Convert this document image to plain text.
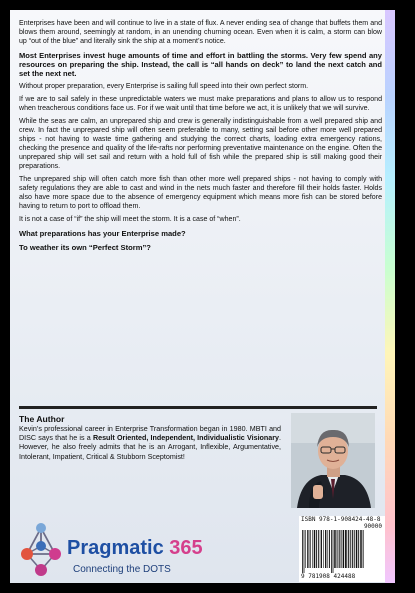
Enterprises have been and will continue to live in a state of flux. A never ending sea of change that buffets them and blows them around, seemingly at random, in an unending churning ocean. Even when it is calm, a storm can blow up “out of the blue” and literally sink the ship at a moment’s notice.

Most Enterprises invest huge amounts of time and effort in battling the storms. Very few spend any resources on preparing the ship. Instead, the call is “all hands on deck” to land the next catch and set the next net.

Without proper preparation, every Enterprise is sailing full speed into their own perfect storm.

If we are to sail safely in these unpredictable waters we must make preparations and plans to allow us to respond when treacherous conditions face us. For if we wait until that time before we act, it is unlikely that we will survive.

While the seas are calm, an unprepared ship and crew is generally indistinguishable from a well prepared ship and crew. In fact the unprepared ship will often seem preferable to many, setting sail before other more well prepared ships - not having to waste time gathering and studying the correct charts, loading extra emergency rations, checking the presence and quality of the life-rafts nor performing preventative maintenance on the engine. Often the unprepared ship will set sail and return with a hold full of fish while the prepared ship is still making good their preparations.

The unprepared ship will often catch more fish than other more well prepared ships - not having to comply with safety regulations they are able to cast and wind in the nets much faster and therefore fill their holds faster. Holds also have more space due to the absence of emergency equipment which means more fish can be stored before having to return to port to offload them.

It is not a case of “if” the ship will meet the storm. It is a case of “when”.

What preparations has your Enterprise made?

To weather its own “Perfect Storm”?

The Author
Kevin’s professional career in Enterprise Transformation began in 1980. MBTI and DISC says that he is a Result Oriented, Independent, Individualistic Visionary. However, he also freely admits that he is an Arrogant, Inflexible, Argumentative, Intolerant, Impatient, Critical & Stubborn Sceptomist!
Pragmatic 365
Connecting the DOTS
ISBN 978-1-908424-48-8
90000
9 781908 424488
